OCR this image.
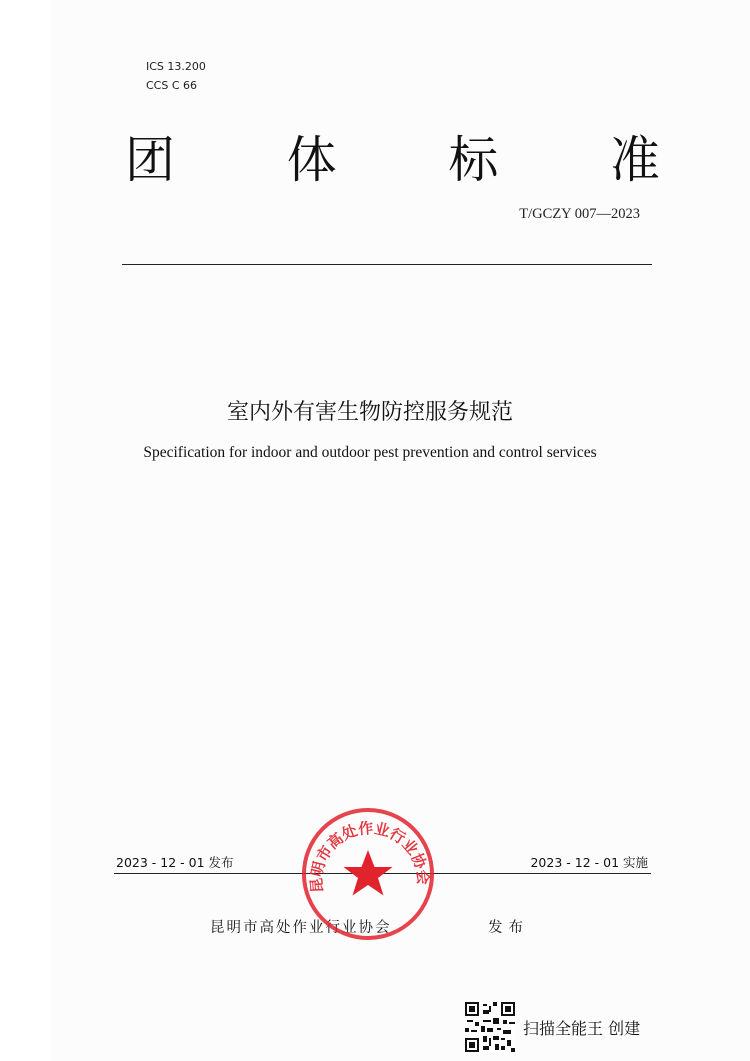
ICS 13.200
CCS C 66
团 体 标 准
T/GCZY 007—2023
室内外有害生物防控服务规范
Specification for indoor and outdoor pest prevention and control services
2023 - 12 - 01 发布	2023 - 12 - 01 实施
昆明市高处作业行业协会	发布
昆明市高处作业行业协会
扫描全能王 创建
